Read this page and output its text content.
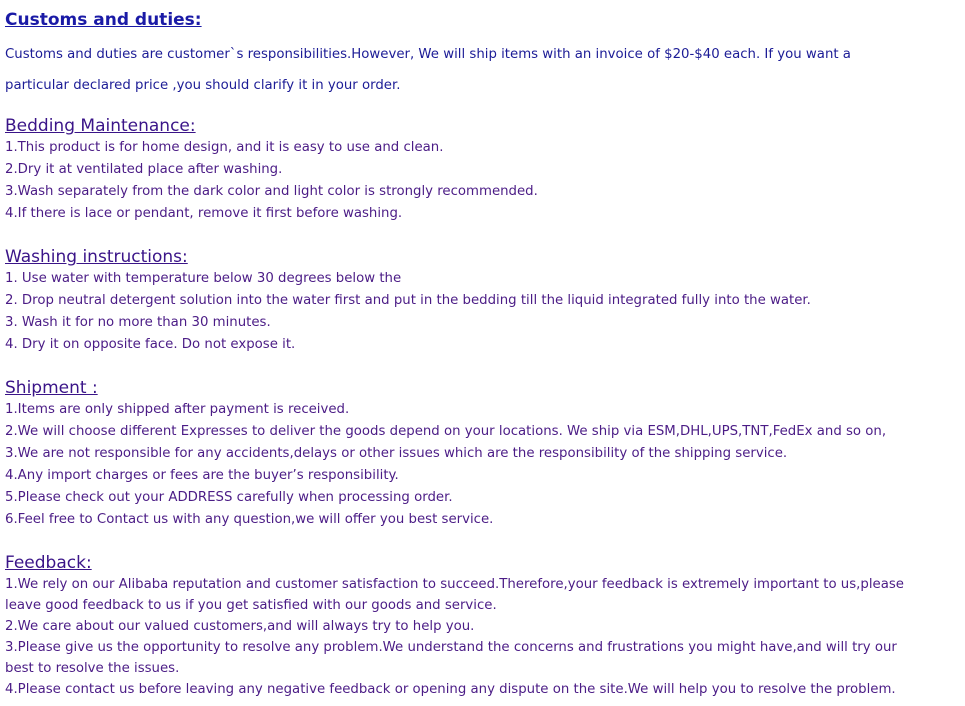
Customs and duties:

Customs and duties are customer`s responsibilities.However, We will ship items with an invoice of $20-$40 each. If you want a

particular declared price ,you should clarify it in your order.

Bedding Maintenance:

1.This product is for home design, and it is easy to use and clean.

2.Dry it at ventilated place after washing.

3.Wash separately from the dark color and light color is strongly recommended.

4.If there is lace or pendant, remove it first before washing.

Washing instructions:

1. Use water with temperature below 30 degrees below the

2. Drop neutral detergent solution into the water first and put in the bedding till the liquid integrated fully into the water.

3. Wash it for no more than 30 minutes.

4. Dry it on opposite face. Do not expose it.

Shipment :

1.Items are only shipped after payment is received.

2.We will choose different Expresses to deliver the goods depend on your locations. We ship via ESM,DHL,UPS,TNT,FedEx and so on,

3.We are not responsible for any accidents,delays or other issues which are the responsibility of the shipping service.

4.Any import charges or fees are the buyer’s responsibility.

5.Please check out your ADDRESS carefully when processing order.

6.Feel free to Contact us with any question,we will offer you best service.

Feedback:

1.We rely on our Alibaba reputation and customer satisfaction to succeed.Therefore,your feedback is extremely important to us,please

leave good feedback to us if you get satisfied with our goods and service.

2.We care about our valued customers,and will always try to help you.

3.Please give us the opportunity to resolve any problem.We understand the concerns and frustrations you might have,and will try our

best to resolve the issues.

4.Please contact us before leaving any negative feedback or opening any dispute on the site.We will help you to resolve the problem.
